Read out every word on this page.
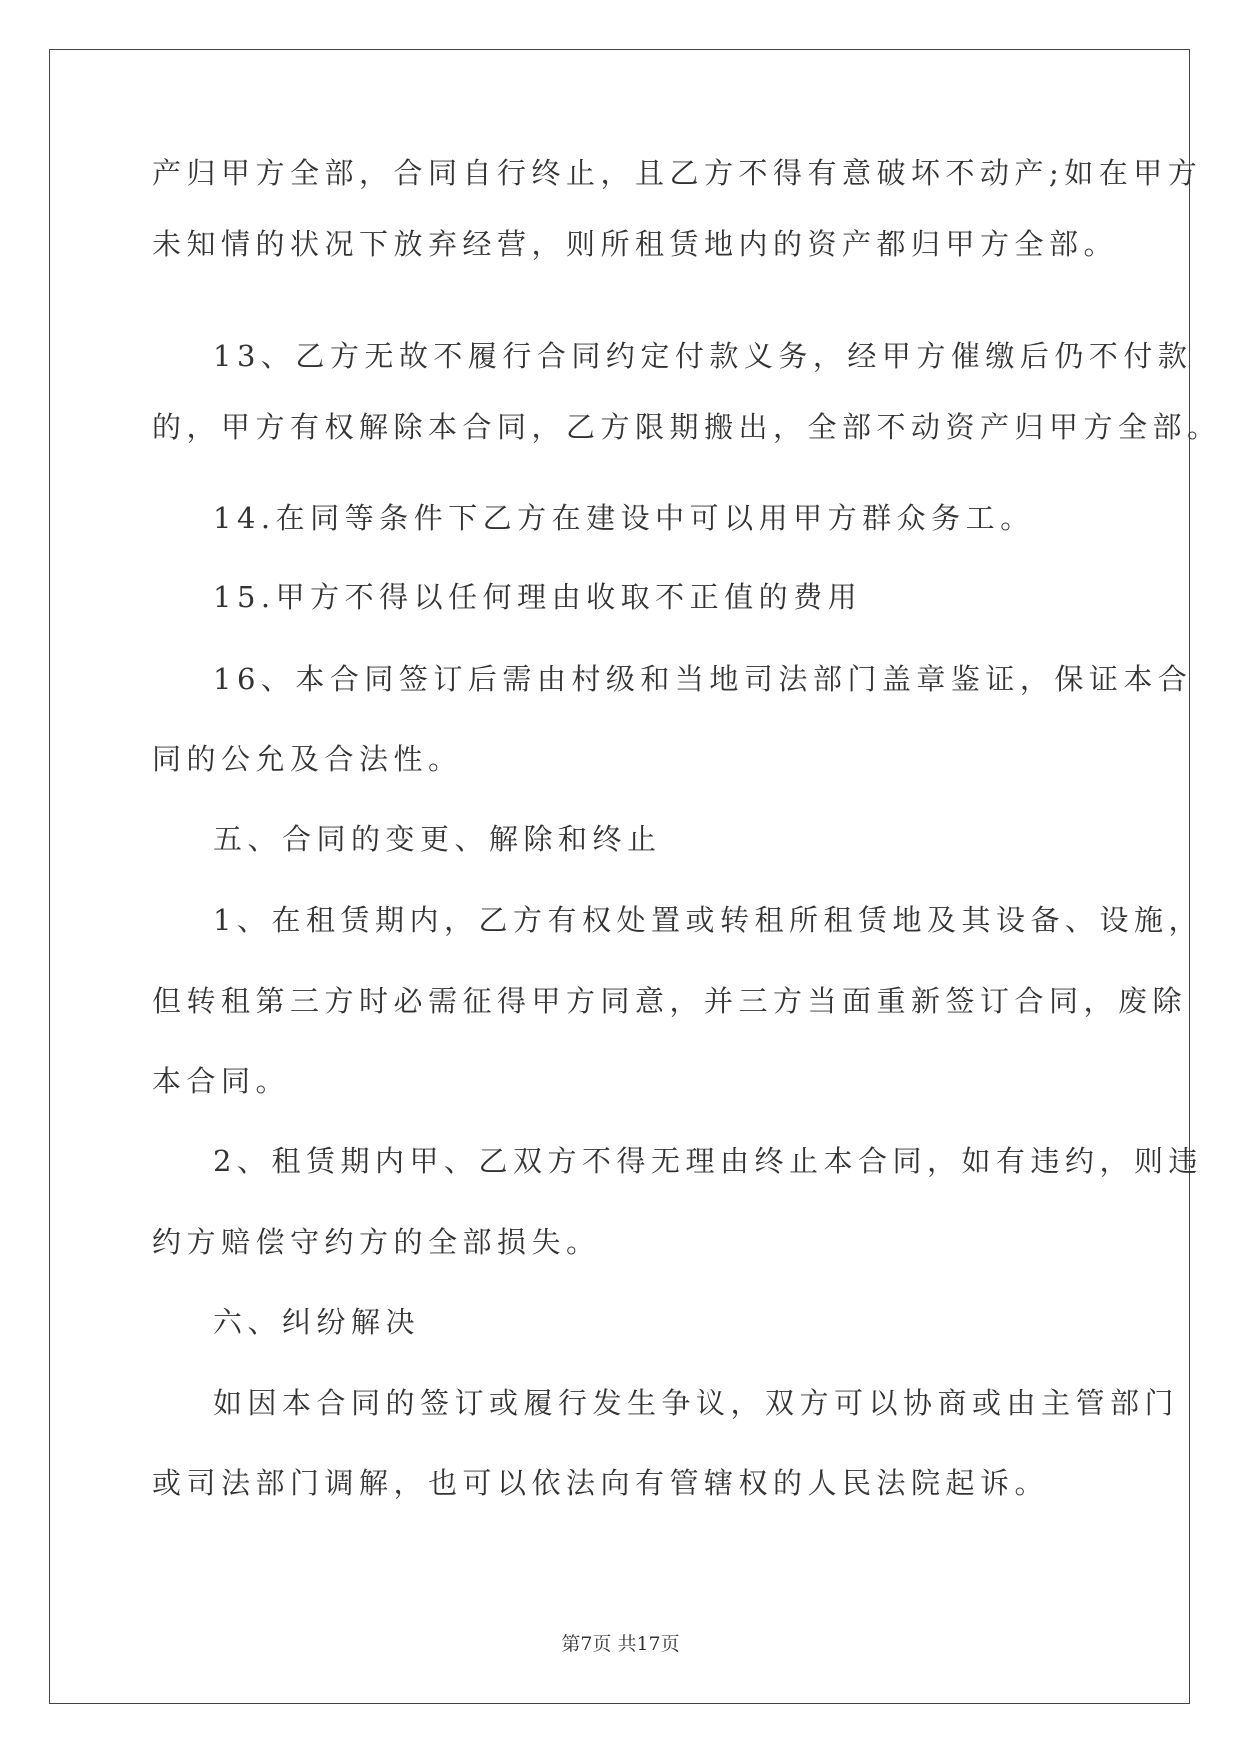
产归甲方全部，合同自行终止，且乙方不得有意破坏不动产;如在甲方
未知情的状况下放弃经营，则所租赁地内的资产都归甲方全部。
13、乙方无故不履行合同约定付款义务，经甲方催缴后仍不付款
的，甲方有权解除本合同，乙方限期搬出，全部不动资产归甲方全部。
14.在同等条件下乙方在建设中可以用甲方群众务工。
15.甲方不得以任何理由收取不正值的费用
16、本合同签订后需由村级和当地司法部门盖章鉴证，保证本合
同的公允及合法性。
五、合同的变更、解除和终止
1、在租赁期内，乙方有权处置或转租所租赁地及其设备、设施，
但转租第三方时必需征得甲方同意，并三方当面重新签订合同，废除
本合同。
2、租赁期内甲、乙双方不得无理由终止本合同，如有违约，则违
约方赔偿守约方的全部损失。
六、纠纷解决
如因本合同的签订或履行发生争议，双方可以协商或由主管部门
或司法部门调解，也可以依法向有管辖权的人民法院起诉。
第7页 共17页
